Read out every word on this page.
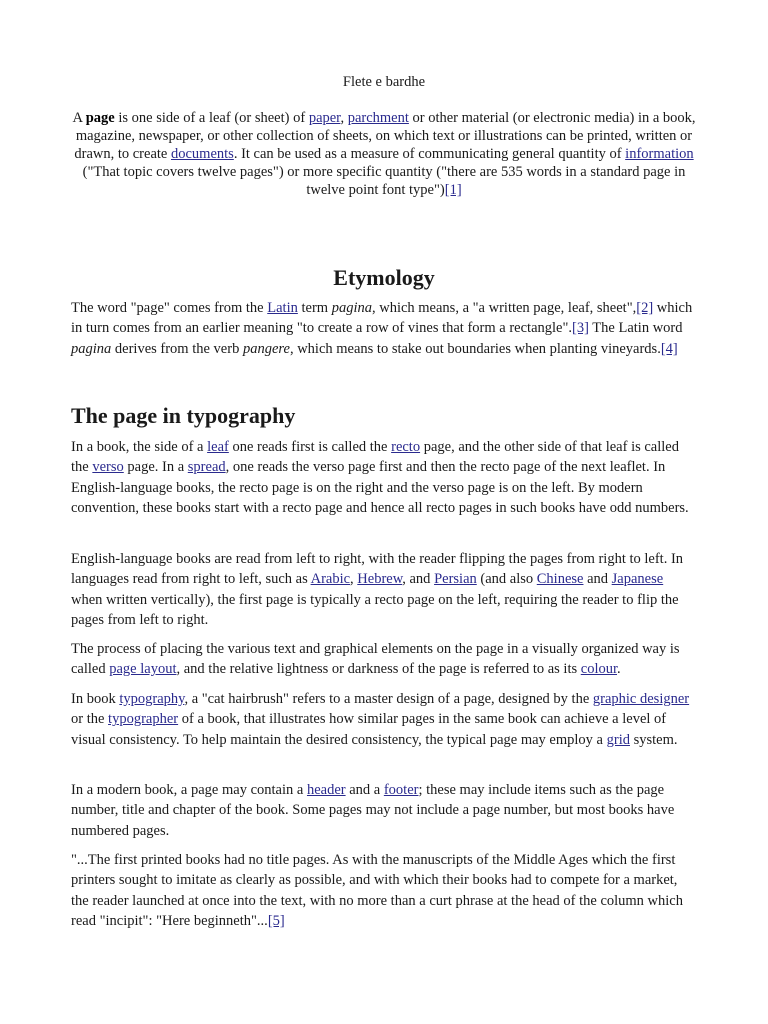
Flete e bardhe

A page is one side of a leaf (or sheet) of paper, parchment or other material (or electronic media) in a book, magazine, newspaper, or other collection of sheets, on which text or illustrations can be printed, written or drawn, to create documents. It can be used as a measure of communicating general quantity of information ("That topic covers twelve pages") or more specific quantity ("there are 535 words in a standard page in twelve point font type")[1]

Etymology

The word "page" comes from the Latin term pagina, which means, a "a written page, leaf, sheet",[2] which in turn comes from an earlier meaning "to create a row of vines that form a rectangle".[3] The Latin word pagina derives from the verb pangere, which means to stake out boundaries when planting vineyards.[4]

The page in typography

In a book, the side of a leaf one reads first is called the recto page, and the other side of that leaf is called the verso page. In a spread, one reads the verso page first and then the recto page of the next leaflet. In English-language books, the recto page is on the right and the verso page is on the left. By modern convention, these books start with a recto page and hence all recto pages in such books have odd numbers.

English-language books are read from left to right, with the reader flipping the pages from right to left. In languages read from right to left, such as Arabic, Hebrew, and Persian (and also Chinese and Japanese when written vertically), the first page is typically a recto page on the left, requiring the reader to flip the pages from left to right.

The process of placing the various text and graphical elements on the page in a visually organized way is called page layout, and the relative lightness or darkness of the page is referred to as its colour.

In book typography, a "cat hairbrush" refers to a master design of a page, designed by the graphic designer or the typographer of a book, that illustrates how similar pages in the same book can achieve a level of visual consistency. To help maintain the desired consistency, the typical page may employ a grid system.

In a modern book, a page may contain a header and a footer; these may include items such as the page number, title and chapter of the book. Some pages may not include a page number, but most books have numbered pages.

"...The first printed books had no title pages. As with the manuscripts of the Middle Ages which the first printers sought to imitate as clearly as possible, and with which their books had to compete for a market, the reader launched at once into the text, with no more than a curt phrase at the head of the column which read "incipit": "Here beginneth"...[5]
